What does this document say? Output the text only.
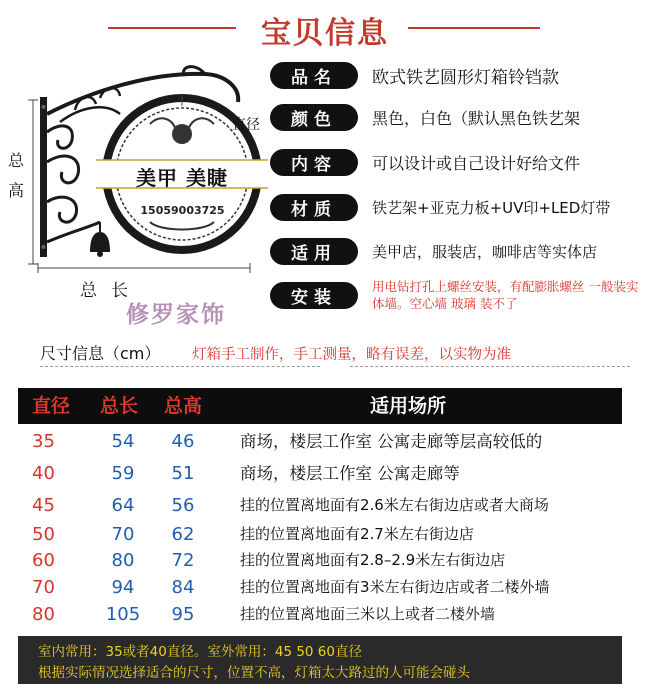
宝贝信息
美甲 美睫
15059003725
直径
总高
总长
修罗家饰
品名	欧式铁艺圆形灯箱铃铛款
颜色	黑色，白色（默认黑色铁艺架
内容	可以设计或自己设计好给文件
材质	铁艺架+亚克力板+UV印+LED灯带
适用	美甲店，服装店，咖啡店等实体店
安装
用电钻打孔上螺丝安装，有配膨胀螺丝 一般装实体墙。空心墙 玻璃 装不了
尺寸信息（cm） 灯箱手工制作，手工测量，略有误差，以实物为准
直径 总长 总高	适用场所
35	54	46	商场，楼层工作室 公寓走廊等层高较低的
40	59	51	商场，楼层工作室 公寓走廊等
45	64	56	挂的位置离地面有2.6米左右街边店或者大商场
50	70	62	挂的位置离地面有2.7米左右街边店
60	80	72	挂的位置离地面有2.8–2.9米左右街边店
70	94	84	挂的位置离地面有3米左右街边店或者二楼外墙
80	105	95	挂的位置离地面三米以上或者二楼外墙
室内常用：35或者40直径。室外常用：45 50 60直径
根据实际情况选择适合的尺寸，位置不高，灯箱太大路过的人可能会碰头
